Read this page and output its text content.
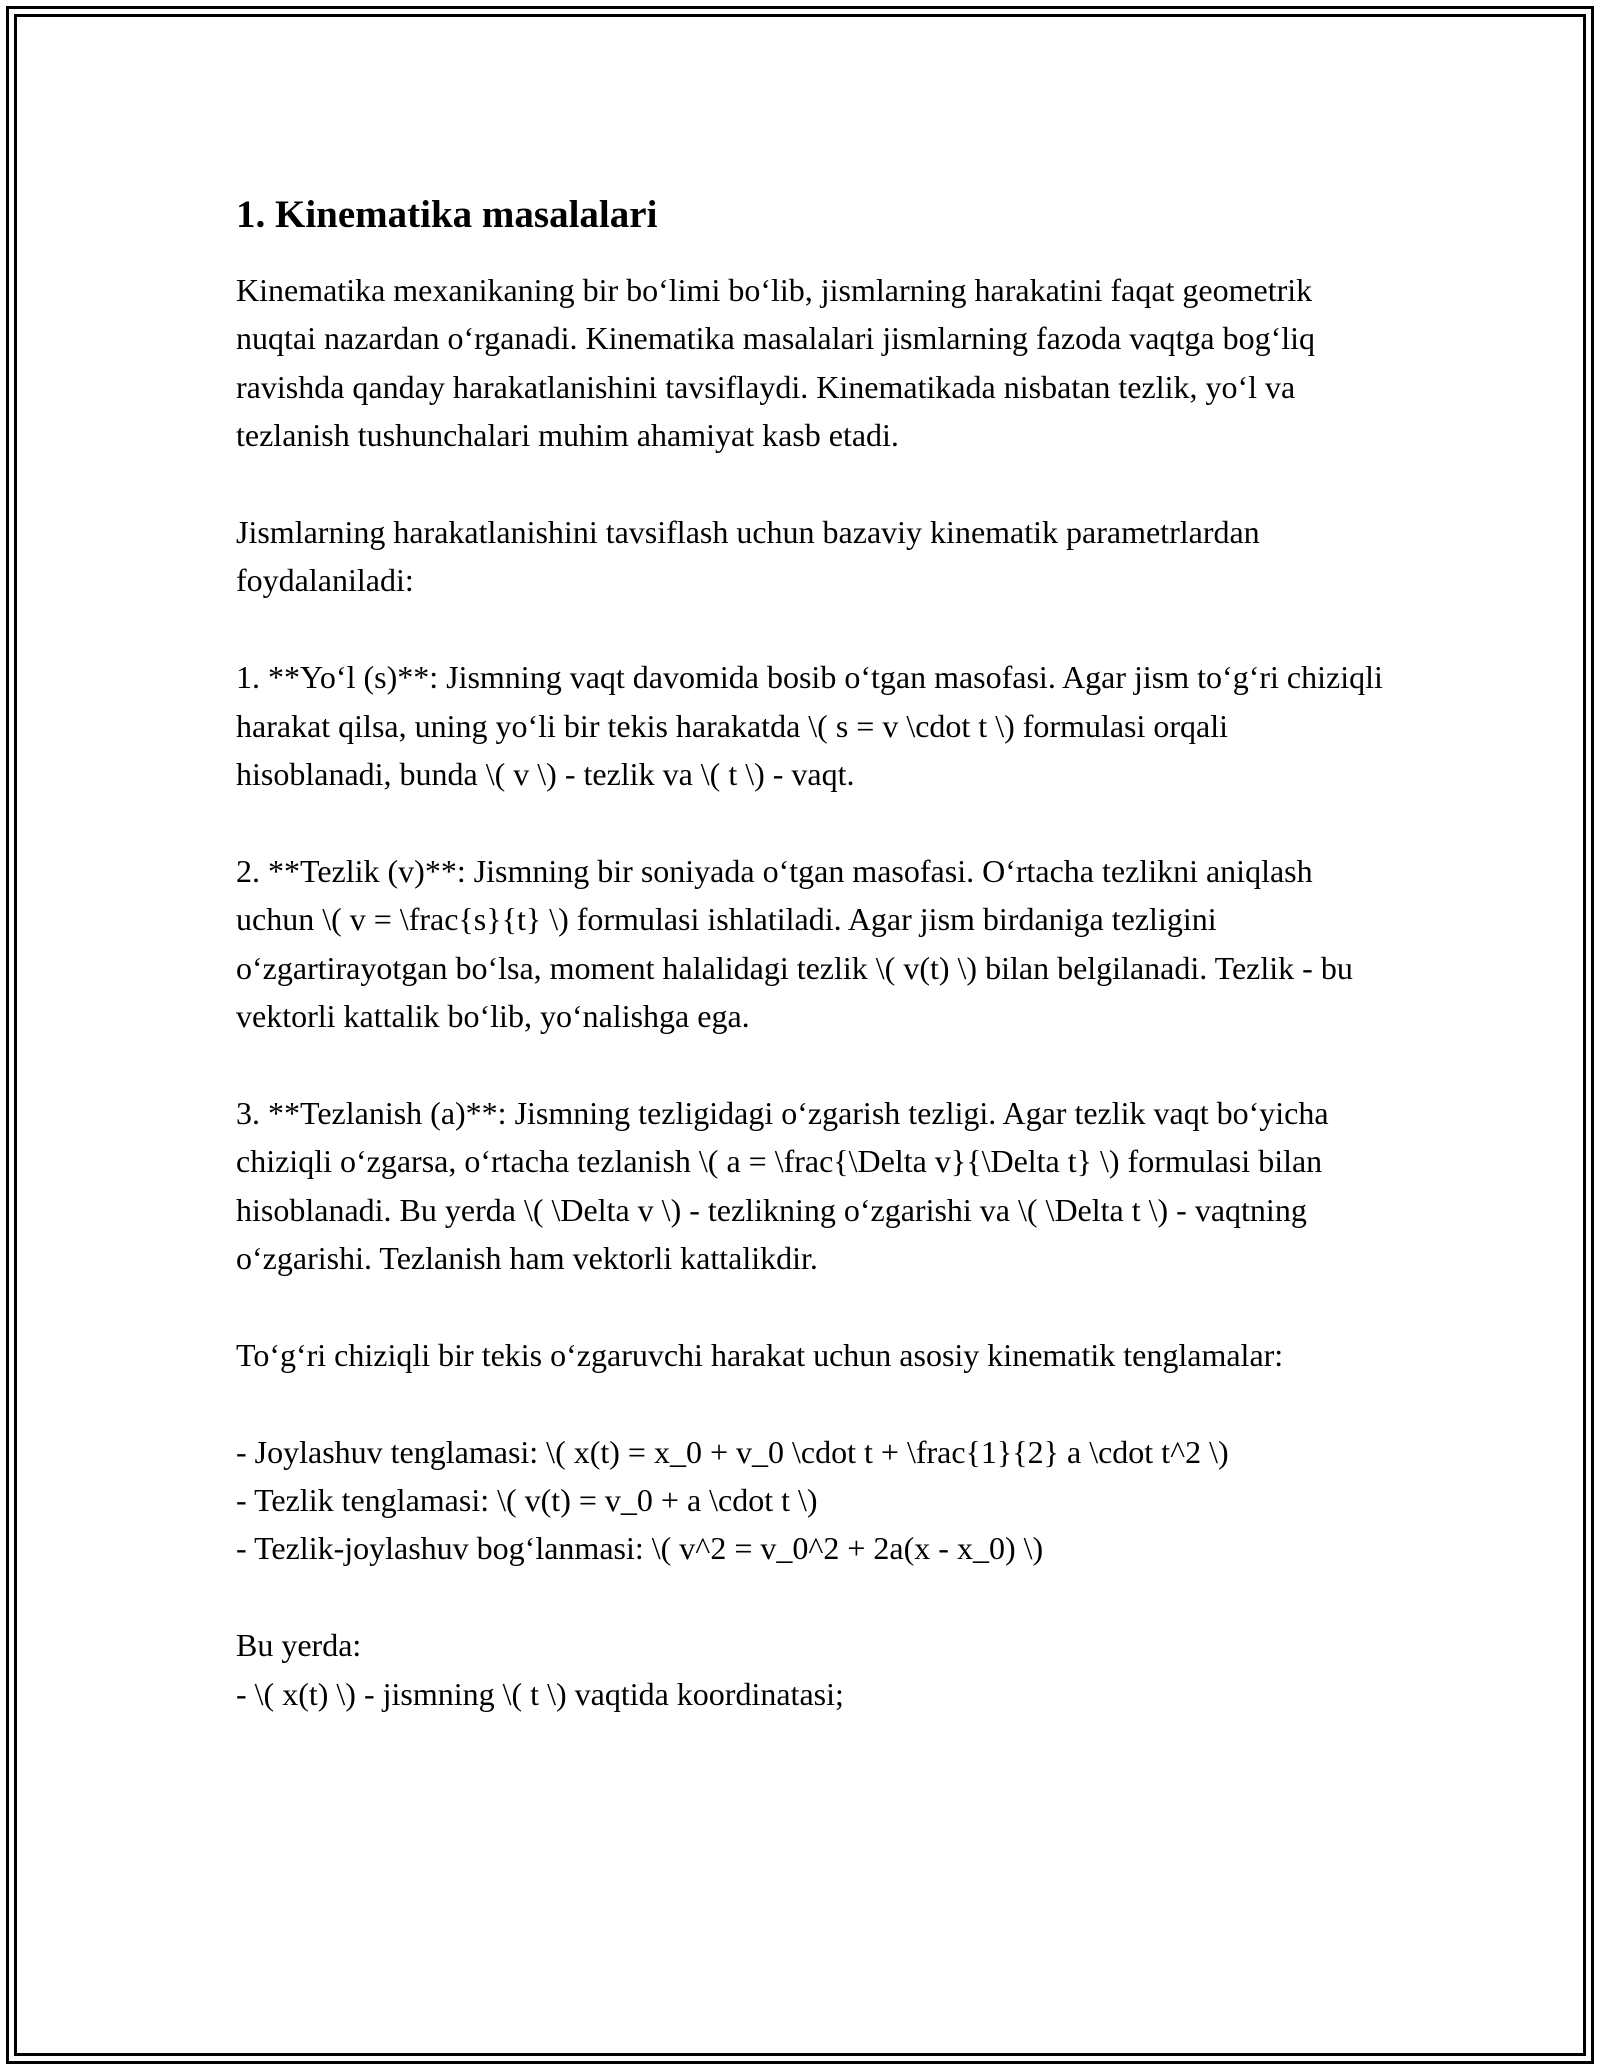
1. Kinematika masalalari

Kinematika mexanikaning bir bo‘limi bo‘lib, jismlarning harakatini faqat geometrik nuqtai nazardan o‘rganadi. Kinematika masalalari jismlarning fazoda vaqtga bog‘liq ravishda qanday harakatlanishini tavsiflaydi. Kinematikada nisbatan tezlik, yo‘l va tezlanish tushunchalari muhim ahamiyat kasb etadi.

Jismlarning harakatlanishini tavsiflash uchun bazaviy kinematik parametrlardan foydalaniladi:

1. **Yo‘l (s)**: Jismning vaqt davomida bosib o‘tgan masofasi. Agar jism to‘g‘ri chiziqli harakat qilsa, uning yo‘li bir tekis harakatda \( s = v \cdot t \) formulasi orqali hisoblanadi, bunda \( v \) - tezlik va \( t \) - vaqt.

2. **Tezlik (v)**: Jismning bir soniyada o‘tgan masofasi. O‘rtacha tezlikni aniqlash uchun \( v = \frac{s}{t} \) formulasi ishlatiladi. Agar jism birdaniga tezligini o‘zgartirayotgan bo‘lsa, moment halalidagi tezlik \( v(t) \) bilan belgilanadi. Tezlik - bu vektorli kattalik bo‘lib, yo‘nalishga ega.

3. **Tezlanish (a)**: Jismning tezligidagi o‘zgarish tezligi. Agar tezlik vaqt bo‘yicha chiziqli o‘zgarsa, o‘rtacha tezlanish \( a = \frac{\Delta v}{\Delta t} \) formulasi bilan hisoblanadi. Bu yerda \( \Delta v \) - tezlikning o‘zgarishi va \( \Delta t \) - vaqtning o‘zgarishi. Tezlanish ham vektorli kattalikdir.

To‘g‘ri chiziqli bir tekis o‘zgaruvchi harakat uchun asosiy kinematik tenglamalar:

- Joylashuv tenglamasi: \( x(t) = x_0 + v_0 \cdot t + \frac{1}{2} a \cdot t^2 \)

- Tezlik tenglamasi: \( v(t) = v_0 + a \cdot t \)

- Tezlik-joylashuv bog‘lanmasi: \( v^2 = v_0^2 + 2a(x - x_0) \)

Bu yerda:

- \( x(t) \) - jismning \( t \) vaqtida koordinatasi;
